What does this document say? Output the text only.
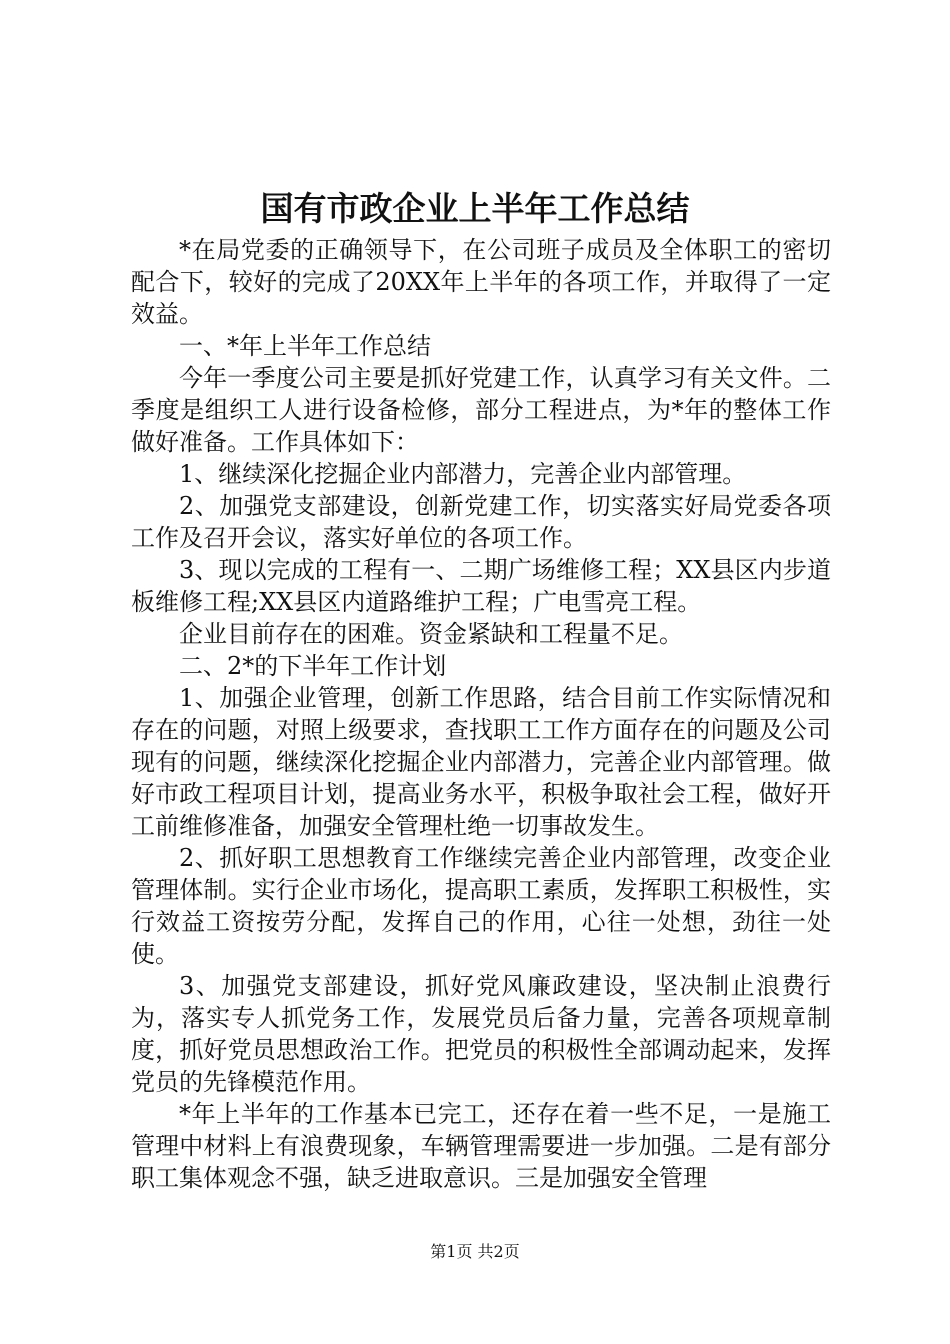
国有市政企业上半年工作总结

*在局党委的正确领导下，在公司班子成员及全体职工的密切配合下，较好的完成了20XX年上半年的各项工作，并取得了一定效益。

一、*年上半年工作总结

今年一季度公司主要是抓好党建工作，认真学习有关文件。二季度是组织工人进行设备检修，部分工程进点，为*年的整体工作做好准备。工作具体如下：

1、继续深化挖掘企业内部潜力，完善企业内部管理。

2、加强党支部建设，创新党建工作，切实落实好局党委各项工作及召开会议，落实好单位的各项工作。

3、现以完成的工程有一、二期广场维修工程；XX县区内步道板维修工程;XX县区内道路维护工程；广电雪亮工程。

企业目前存在的困难。资金紧缺和工程量不足。

二、2*的下半年工作计划

1、加强企业管理，创新工作思路，结合目前工作实际情况和存在的问题，对照上级要求，查找职工工作方面存在的问题及公司现有的问题，继续深化挖掘企业内部潜力，完善企业内部管理。做好市政工程项目计划，提高业务水平，积极争取社会工程，做好开工前维修准备，加强安全管理杜绝一切事故发生。

2、抓好职工思想教育工作继续完善企业内部管理，改变企业管理体制。实行企业市场化，提高职工素质，发挥职工积极性，实行效益工资按劳分配，发挥自己的作用，心往一处想，劲往一处使。

3、加强党支部建设，抓好党风廉政建设，坚决制止浪费行为，落实专人抓党务工作，发展党员后备力量，完善各项规章制度，抓好党员思想政治工作。把党员的积极性全部调动起来，发挥党员的先锋模范作用。

*年上半年的工作基本已完工，还存在着一些不足，一是施工管理中材料上有浪费现象，车辆管理需要进一步加强。二是有部分职工集体观念不强，缺乏进取意识。三是加强安全管理

第1页 共2页
